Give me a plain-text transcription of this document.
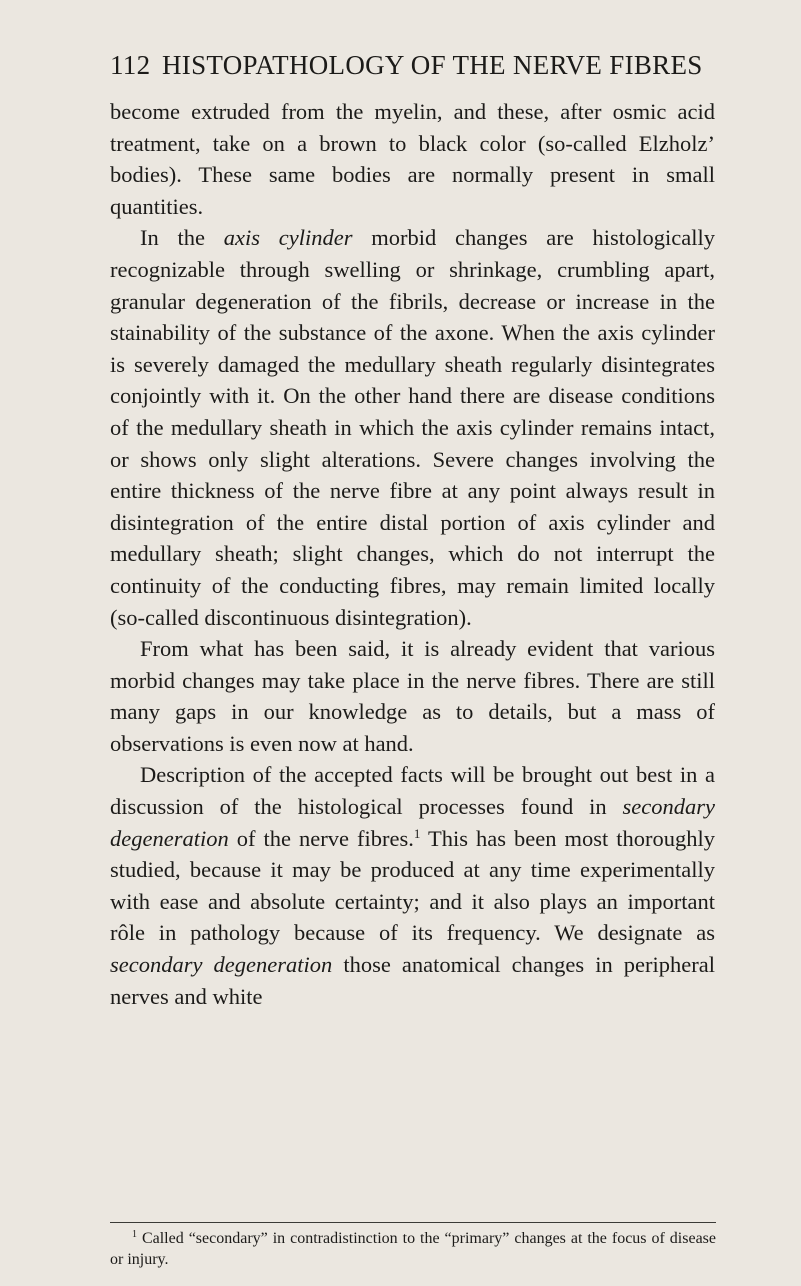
112 HISTOPATHOLOGY OF THE NERVE FIBRES

become extruded from the myelin, and these, after osmic acid treatment, take on a brown to black color (so-called Elzholz’ bodies). These same bodies are normally present in small quantities.

In the axis cylinder morbid changes are histologically recognizable through swelling or shrinkage, crumbling apart, granular degeneration of the fibrils, decrease or increase in the stainability of the substance of the axone. When the axis cylinder is severely damaged the medullary sheath regularly disintegrates conjointly with it. On the other hand there are disease conditions of the medullary sheath in which the axis cylinder remains intact, or shows only slight alterations. Severe changes involving the entire thickness of the nerve fibre at any point always result in disintegration of the entire distal portion of axis cylinder and medullary sheath; slight changes, which do not interrupt the continuity of the conducting fibres, may remain limited locally (so-called discontinuous disintegration).

From what has been said, it is already evident that various morbid changes may take place in the nerve fibres. There are still many gaps in our knowledge as to details, but a mass of observations is even now at hand.

Description of the accepted facts will be brought out best in a discussion of the histological processes found in secondary degeneration of the nerve fibres.$^1$ This has been most thoroughly studied, because it may be produced at any time experimentally with ease and absolute certainty; and it also plays an important rôle in pathology because of its frequency. We designate as secondary degeneration those anatomical changes in peripheral nerves and white

$^1$ Called “secondary” in contradistinction to the “primary” changes at the focus of disease or injury.
